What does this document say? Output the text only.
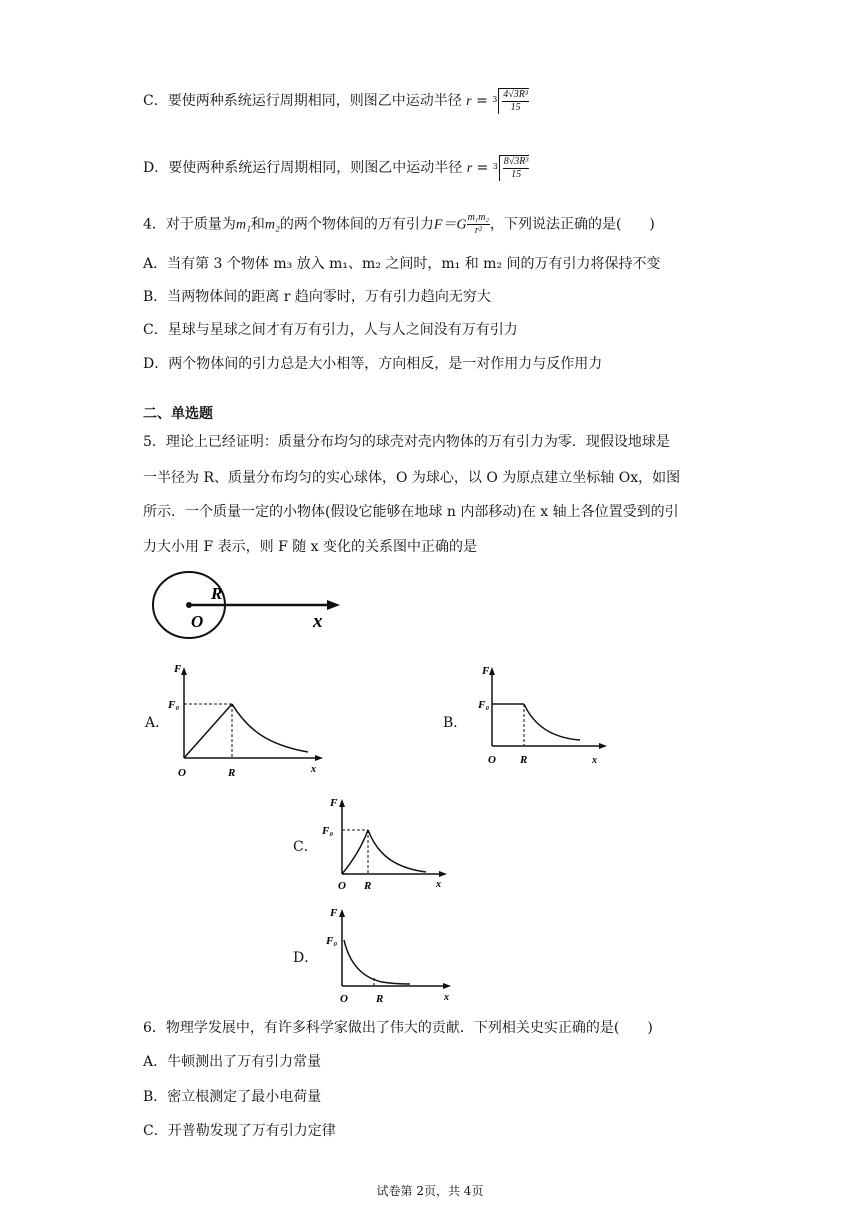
C．要使两种系统运行周期相同，则图乙中运动半径 $r = 3 \frac{\text{4√3R³}}{15}$
D．要使两种系统运行周期相同，则图乙中运动半径 $r = 3 \frac{\text{8√3R³}}{15}$
4．对于质量为m₁和m₂的两个物体间的万有引力$F=G \frac{\text{m₁m₂}}{\text{r²}}$ ，下列说法正确的是(　　)
A．当有第 3 个物体 m₃ 放入 m₁、m₂ 之间时，m₁ 和 m₂ 间的万有引力将保持不变
B．当两物体间的距离 r 趋向零时，万有引力趋向无穷大
C．星球与星球之间才有万有引力，人与人之间没有万有引力
D．两个物体间的引力总是大小相等，方向相反，是一对作用力与反作用力
二、单选题
5．理论上已经证明：质量分布均匀的球壳对壳内物体的万有引力为零．现假设地球是
一半径为 R、质量分布均匀的实心球体，O 为球心，以 O 为原点建立坐标轴 Ox，如图
所示．一个质量一定的小物体(假设它能够在地球 n 内部移动)在 x 轴上各位置受到的引
力大小用 F 表示，则 F 随 x 变化的关系图中正确的是
R
O	x
A．
F
F₀
O	R	x
B．
F
F₀
O R	x
C．
F
F₀
O R	x
D．
F
F₀
O	R	x
6．物理学发展中，有许多科学家做出了伟大的贡献．下列相关史实正确的是(　　)
A．牛顿测出了万有引力常量
B．密立根测定了最小电荷量
C．开普勒发现了万有引力定律
试卷第 2页，共 4页
